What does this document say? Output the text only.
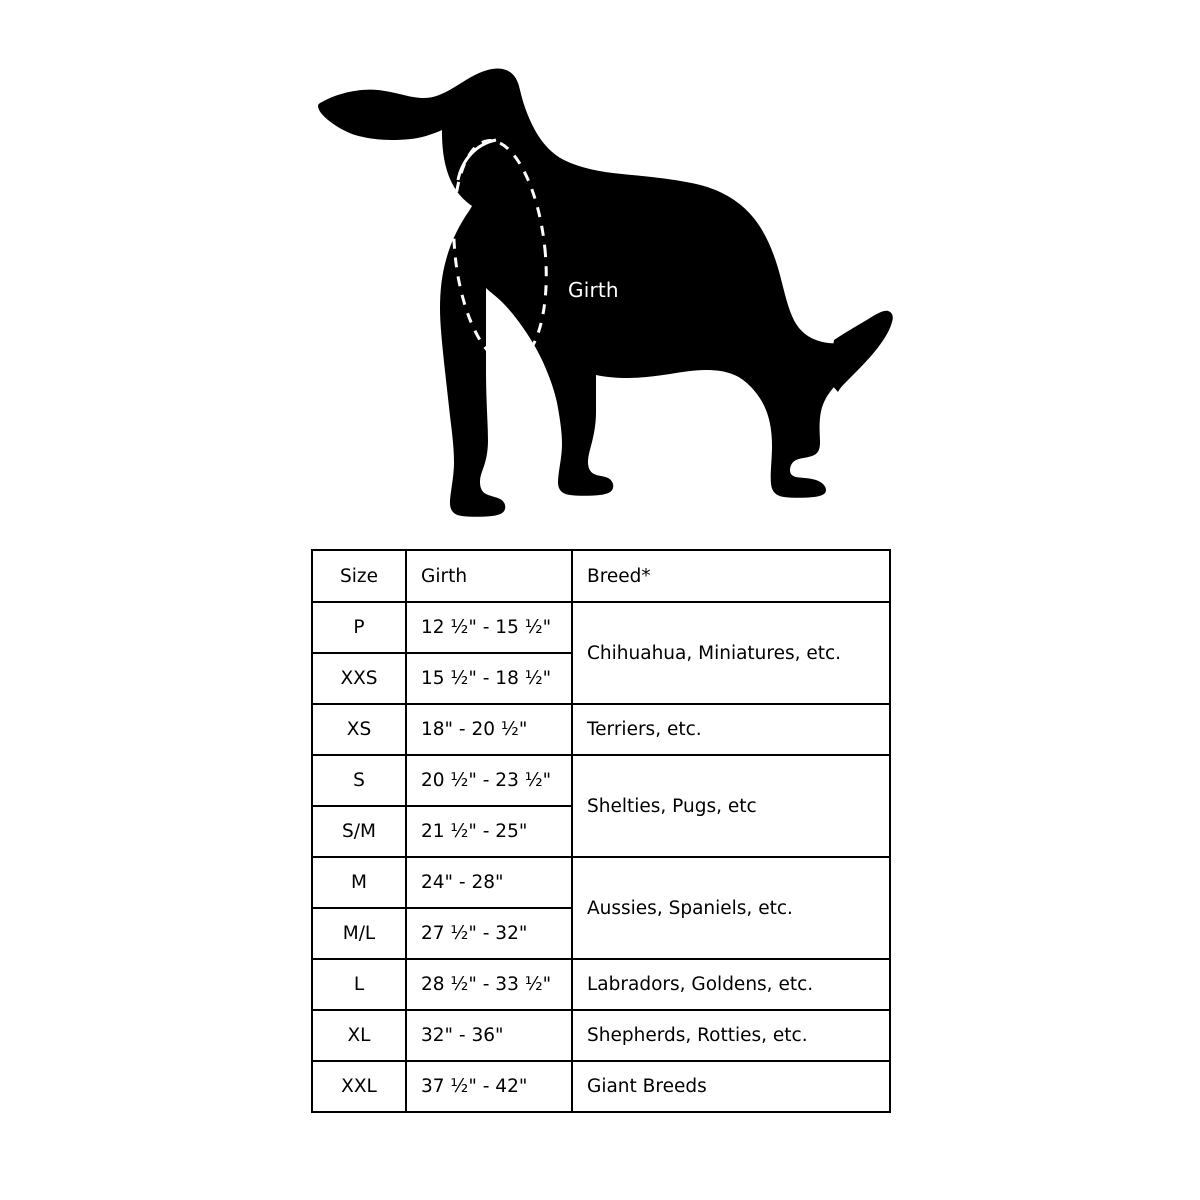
Girth
Size	Girth	Breed*
P	12 ½" - 15 ½"	Chihuahua, Miniatures, etc.
XXS	15 ½" - 18 ½"	
XS	18" - 20 ½"	Terriers, etc.
S	20 ½" - 23 ½"	Shelties, Pugs, etc
S/M	21 ½" - 25"	
M	24" - 28"	Aussies, Spaniels, etc.
M/L	27 ½" - 32"	
L	28 ½" - 33 ½"	Labradors, Goldens, etc.
XL	32" - 36"	Shepherds, Rotties, etc.
XXL	37 ½" - 42"	Giant Breeds
